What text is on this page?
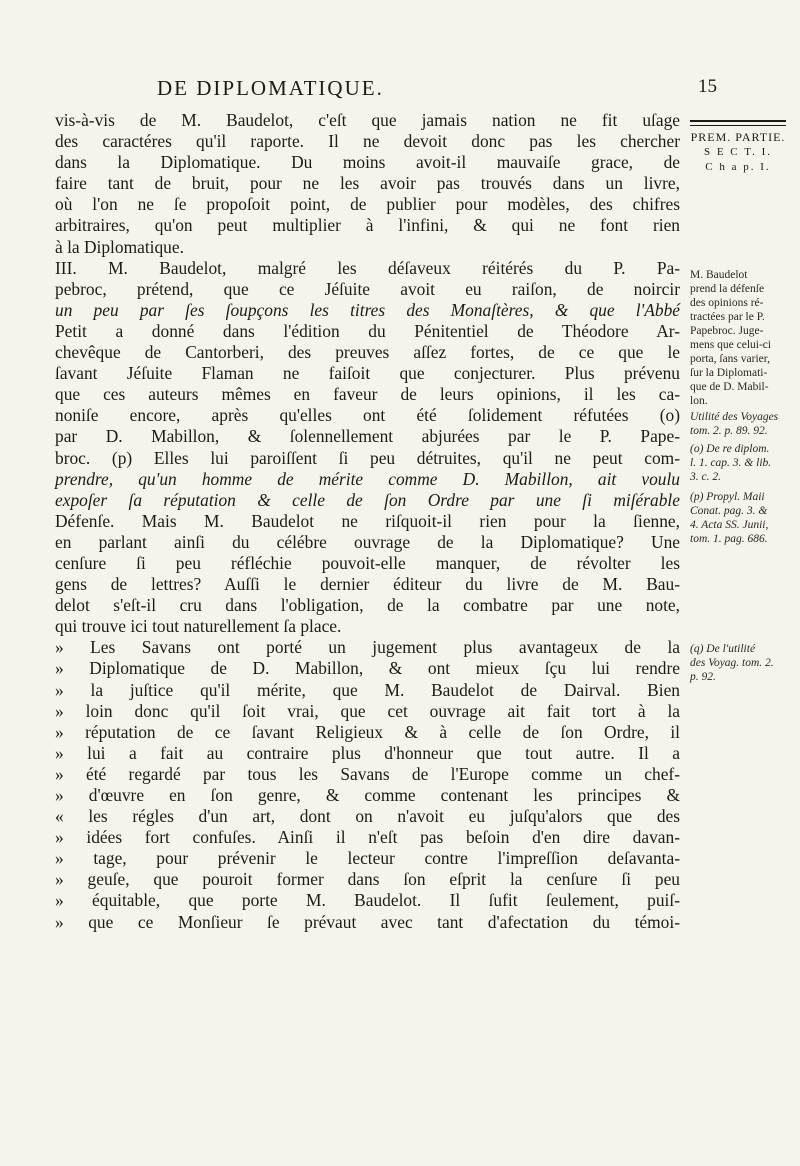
DE DIPLOMATIQUE.	15
PREM. PARTIE.
S E C T. I.
C h a p. I.
vis-à-vis de M. Baudelot, c'eſt que jamais nation ne fit uſage
des caractéres qu'il raporte. Il ne devoit donc pas les chercher
dans la Diplomatique. Du moins avoit-il mauvaiſe grace, de
faire tant de bruit, pour ne les avoir pas trouvés dans un livre,
où l'on ne ſe propoſoit point, de publier pour modèles, des chifres
arbitraires, qu'on peut multiplier à l'infini, & qui ne font rien
à la Diplomatique.
III. M. Baudelot, malgré les déſaveux réitérés du P. Pa-
pebroc, prétend, que ce Jéſuite avoit eu raiſon, de noircir
un peu par ſes ſoupçons les titres des Monaſtères, & que l'Abbé
Petit a donné dans l'édition du Pénitentiel de Théodore Ar-
chevêque de Cantorberi, des preuves aſſez fortes, de ce que le
ſavant Jéſuite Flaman ne faiſoit que conjecturer. Plus prévenu
que ces auteurs mêmes en faveur de leurs opinions, il les ca-
noniſe encore, après qu'elles ont été ſolidement réfutées (o)
par D. Mabillon, & ſolennellement abjurées par le P. Pape-
broc. (p) Elles lui paroiſſent ſi peu détruites, qu'il ne peut com-
prendre, qu'un homme de mérite comme D. Mabillon, ait voulu
expoſer ſa réputation & celle de ſon Ordre par une ſi miſérable
Défenſe. Mais M. Baudelot ne riſquoit-il rien pour la ſienne,
en parlant ainſi du célébre ouvrage de la Diplomatique? Une
cenſure ſi peu réfléchie pouvoit-elle manquer, de révolter les
gens de lettres? Auſſi le dernier éditeur du livre de M. Bau-
delot s'eſt-il cru dans l'obligation, de la combatre par une note,
qui trouve ici tout naturellement ſa place.
» Les Savans ont porté un jugement plus avantageux de la
» Diplomatique de D. Mabillon, & ont mieux ſçu lui rendre
» la juſtice qu'il mérite, que M. Baudelot de Dairval. Bien
» loin donc qu'il ſoit vrai, que cet ouvrage ait fait tort à la
» réputation de ce ſavant Religieux & à celle de ſon Ordre, il
» lui a fait au contraire plus d'honneur que tout autre. Il a
» été regardé par tous les Savans de l'Europe comme un chef-
» d'œuvre en ſon genre, & comme contenant les principes &
« les régles d'un art, dont on n'avoit eu juſqu'alors que des
» idées fort confuſes. Ainſi il n'eſt pas beſoin d'en dire davan-
» tage, pour prévenir le lecteur contre l'impreſſion deſavanta-
» geuſe, que pouroit former dans ſon eſprit la cenſure ſi peu
» équitable, que porte M. Baudelot. Il ſufit ſeulement, puiſ-
» que ce Monſieur ſe prévaut avec tant d'afectation du témoi-

M. Baudelot

prend la défenſe

des opinions ré-

tractées par le P.

Papebroc. Juge-

mens que celui-ci

porta, ſans varier,

ſur la Diplomati-

que de D. Mabil-

lon.

Utilité des Voyages

tom. 2. p. 89. 92.

(o) De re diplom.

l. 1. cap. 3. & lib.

3. c. 2.

(p) Propyl. Maii

Conat. pag. 3. &

4. Acta SS. Junii,

tom. 1. pag. 686.

(q) De l'utilité

des Voyag. tom. 2.

p. 92.
